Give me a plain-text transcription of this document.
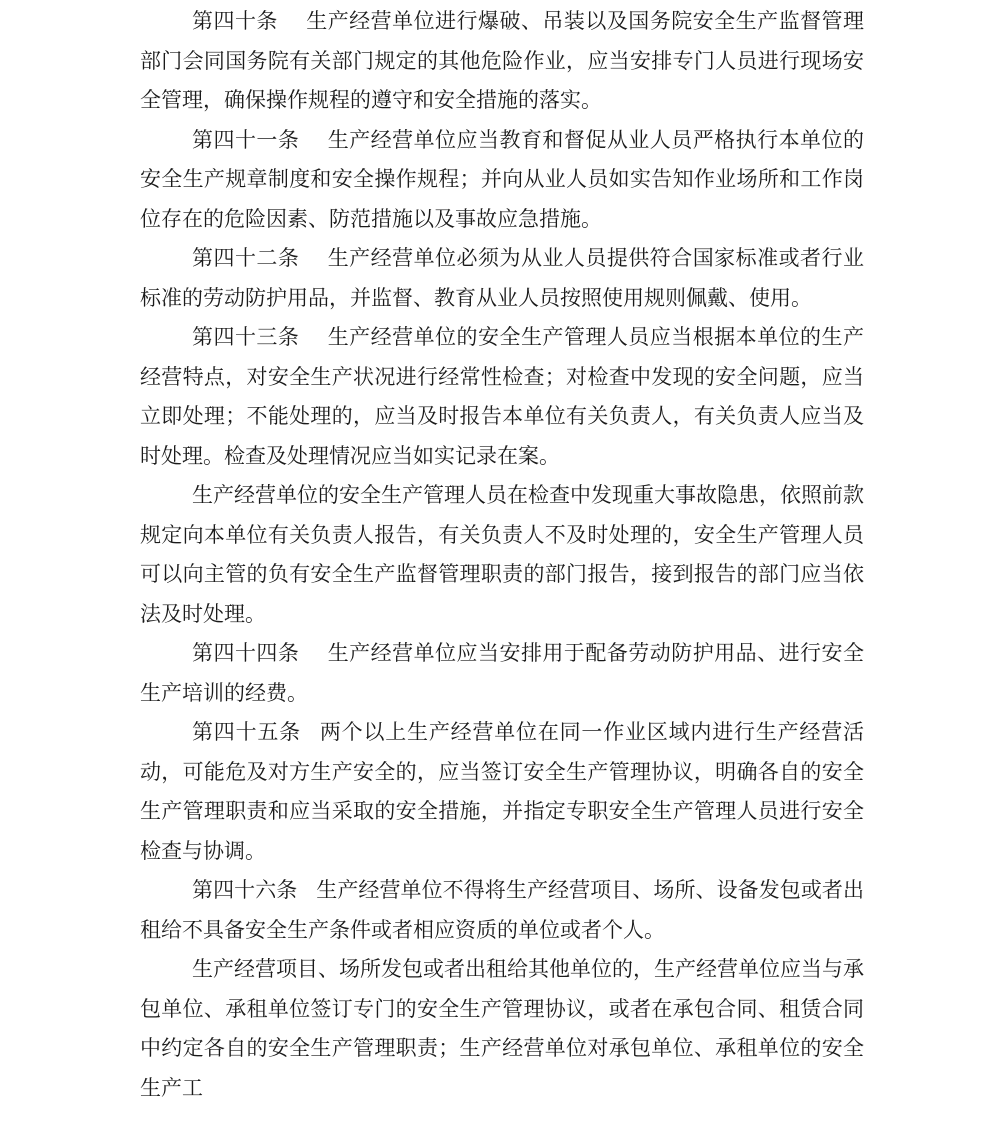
第四十条 生产经营单位进行爆破、吊装以及国务院安全生产监督管理部门会同国务院有关部门规定的其他危险作业，应当安排专门人员进行现场安全管理，确保操作规程的遵守和安全措施的落实。

第四十一条 生产经营单位应当教育和督促从业人员严格执行本单位的安全生产规章制度和安全操作规程；并向从业人员如实告知作业场所和工作岗位存在的危险因素、防范措施以及事故应急措施。

第四十二条 生产经营单位必须为从业人员提供符合国家标准或者行业标准的劳动防护用品，并监督、教育从业人员按照使用规则佩戴、使用。

第四十三条 生产经营单位的安全生产管理人员应当根据本单位的生产经营特点，对安全生产状况进行经常性检查；对检查中发现的安全问题，应当立即处理；不能处理的，应当及时报告本单位有关负责人，有关负责人应当及时处理。检查及处理情况应当如实记录在案。

生产经营单位的安全生产管理人员在检查中发现重大事故隐患，依照前款规定向本单位有关负责人报告，有关负责人不及时处理的，安全生产管理人员可以向主管的负有安全生产监督管理职责的部门报告，接到报告的部门应当依法及时处理。

第四十四条 生产经营单位应当安排用于配备劳动防护用品、进行安全生产培训的经费。

第四十五条 两个以上生产经营单位在同一作业区域内进行生产经营活动，可能危及对方生产安全的，应当签订安全生产管理协议，明确各自的安全生产管理职责和应当采取的安全措施，并指定专职安全生产管理人员进行安全检查与协调。

第四十六条 生产经营单位不得将生产经营项目、场所、设备发包或者出租给不具备安全生产条件或者相应资质的单位或者个人。

生产经营项目、场所发包或者出租给其他单位的，生产经营单位应当与承包单位、承租单位签订专门的安全生产管理协议，或者在承包合同、租赁合同中约定各自的安全生产管理职责；生产经营单位对承包单位、承租单位的安全生产工
